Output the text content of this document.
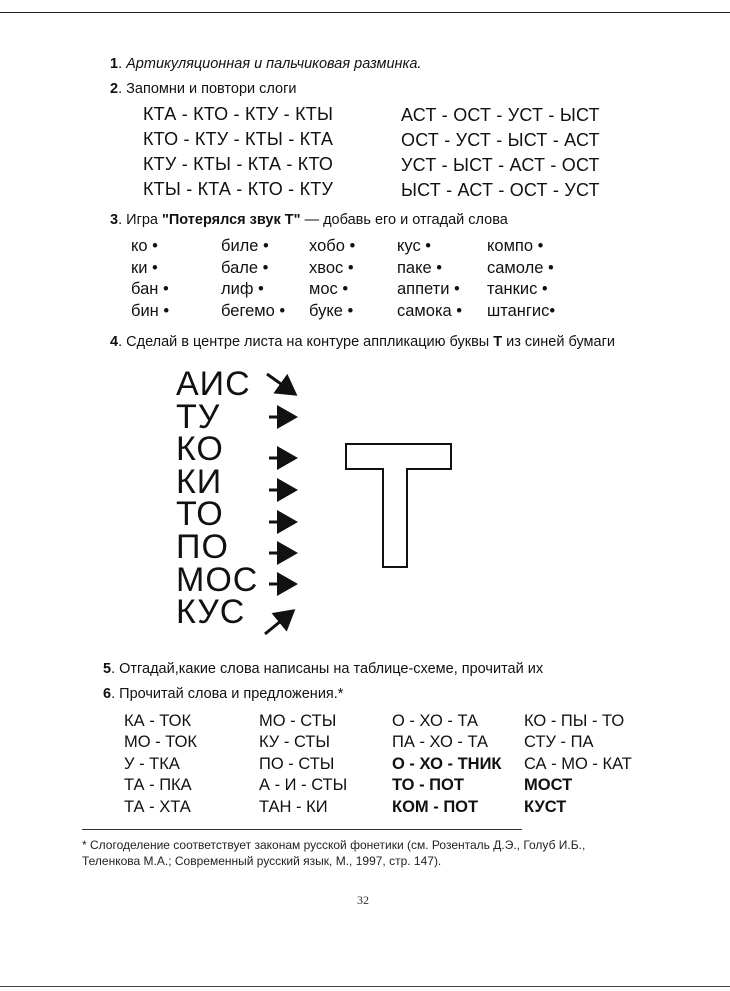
1. Артикуляционная и пальчиковая разминка.
2. Запомни и повтори слоги
КТА - КТО - КТУ - КТЫ
КТО - КТУ - КТЫ - КТА
КТУ - КТЫ - КТА - КТО
КТЫ - КТА - КТО - КТУ
АСТ - ОСТ - УСТ - ЫСТ
ОСТ - УСТ - ЫСТ - АСТ
УСТ - ЫСТ - АСТ - ОСТ
ЫСТ - АСТ - ОСТ - УСТ
3. Игра "Потерялся звук Т" — добавь его и отгадай слова
ко •
ки •
бан •
бин •
биле •
бале •
лиф •
бегемо •
хобо •
хвос •
мос •
буке •
кус •
паке •
аппети •
самока •
компо •
самоле •
танкис •
штангис•
4. Сделай в центре листа на контуре аппликацию буквы Т из синей бумаги
АИС
ТУ
КО
КИ
ТО
ПО
МОС
КУС
5. Отгадай,какие слова написаны на таблице-схеме, прочитай их
6. Прочитай слова и предложения.*
КА - ТОК
МО - ТОК
У - ТКА
ТА - ПКА
ТА - ХТА
МО - СТЫ
КУ - СТЫ
ПО - СТЫ
А - И - СТЫ
ТАН - КИ
О - ХО - ТА
ПА - ХО - ТА
О - ХО - ТНИК
ТО - ПОТ
КОМ - ПОТ
КО - ПЫ - ТО
СТУ - ПА
СА - МО - КАТ
МОСТ
КУСТ
* Слогоделение соответствует законам русской фонетики (см. Розенталь Д.Э., Голуб И.Б.,
Теленкова М.А.; Современный русский язык, М., 1997, стр. 147).
32
